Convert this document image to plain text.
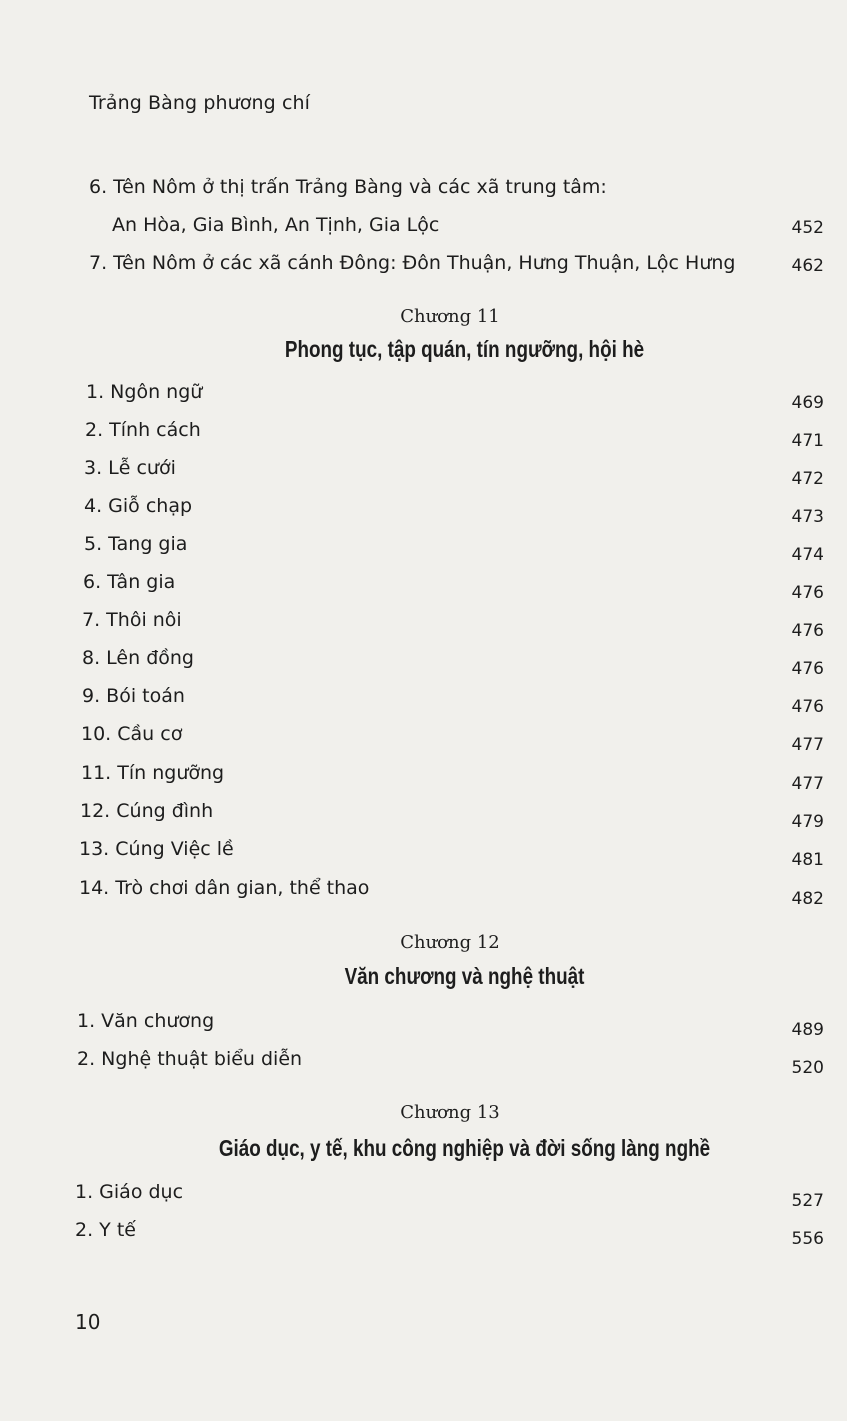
Trảng Bàng phương chí
6. Tên Nôm ở thị trấn Trảng Bàng và các xã trung tâm:
An Hòa, Gia Bình, An Tịnh, Gia Lộc	452
7. Tên Nôm ở các xã cánh Đông: Đôn Thuận, Hưng Thuận, Lộc Hưng	462
Chương 11
Phong tục, tập quán, tín ngưỡng, hội hè
1. Ngôn ngữ	469
2. Tính cách	471
3. Lễ cưới	472
4. Giỗ chạp	473
5. Tang gia	474
6. Tân gia	476
7. Thôi nôi	476
8. Lên đồng	476
9. Bói toán	476
10. Cầu cơ	477
11. Tín ngưỡng	477
12. Cúng đình	479
13. Cúng Việc lề	481
14. Trò chơi dân gian, thể thao	482
Chương 12
Văn chương và nghệ thuật
1. Văn chương	489
2. Nghệ thuật biểu diễn	520
Chương 13
Giáo dục, y tế, khu công nghiệp và đời sống làng nghề
1. Giáo dục	527
2. Y tế	556
10
